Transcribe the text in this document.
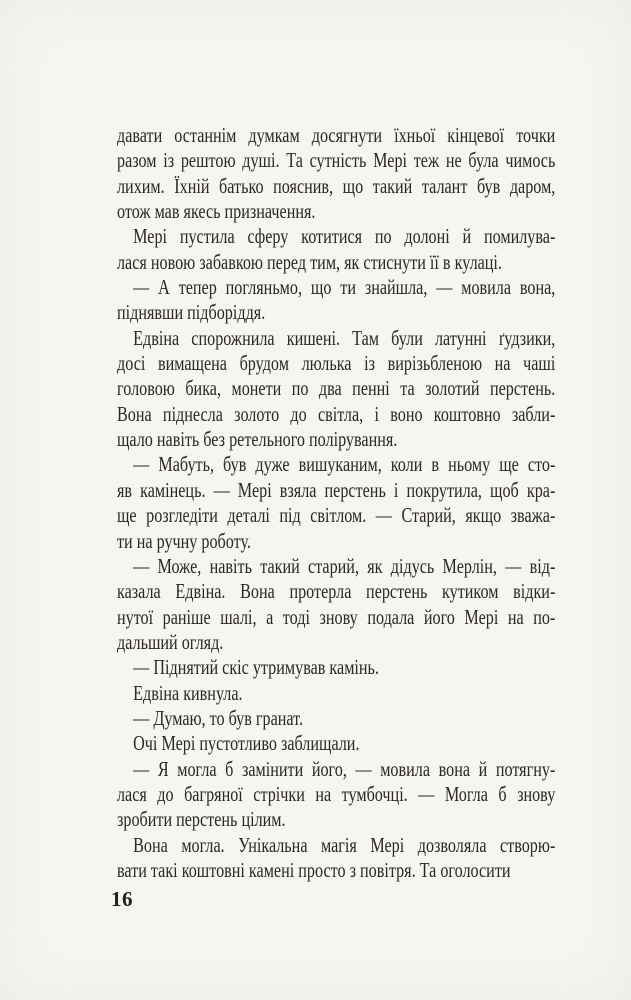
давати останнім думкам досягнути їхньої кінцевої точки
разом із рештою душі. Та сутність Мері теж не була чимось
лихим. Їхній батько пояснив, що такий талант був даром,
отож мав якесь призначення.

Мері пустила сферу котитися по долоні й помилува-
лася новою забавкою перед тим, як стиснути її в кулаці.

— А тепер погляньмо, що ти знайшла, — мовила вона,
піднявши підборіддя.

Едвіна спорожнила кишені. Там були латунні ґудзики,
досі вимащена брудом люлька із вирізьбленою на чаші
головою бика, монети по два пенні та золотий перстень.
Вона піднесла золото до світла, і воно коштовно забли-
щало навіть без ретельного полірування.

— Мабуть, був дуже вишуканим, коли в ньому ще сто-
яв камінець. — Мері взяла перстень і покрутила, щоб кра-
ще розгледіти деталі під світлом. — Старий, якщо зважа-
ти на ручну роботу.

— Може, навіть такий старий, як дідусь Мерлін, — від-
казала Едвіна. Вона протерла перстень кутиком відки-
нутої раніше шалі, а тоді знову подала його Мері на по-
дальший огляд.

— Піднятий скіс утримував камінь.

Едвіна кивнула.

— Думаю, то був гранат.

Очі Мері пустотливо заблищали.

— Я могла б замінити його, — мовила вона й потягну-
лася до багряної стрічки на тумбочці. — Могла б знову
зробити перстень цілим.

Вона могла. Унікальна магія Мері дозволяла створю-
вати такі коштовні камені просто з повітря. Та оголосити

16
